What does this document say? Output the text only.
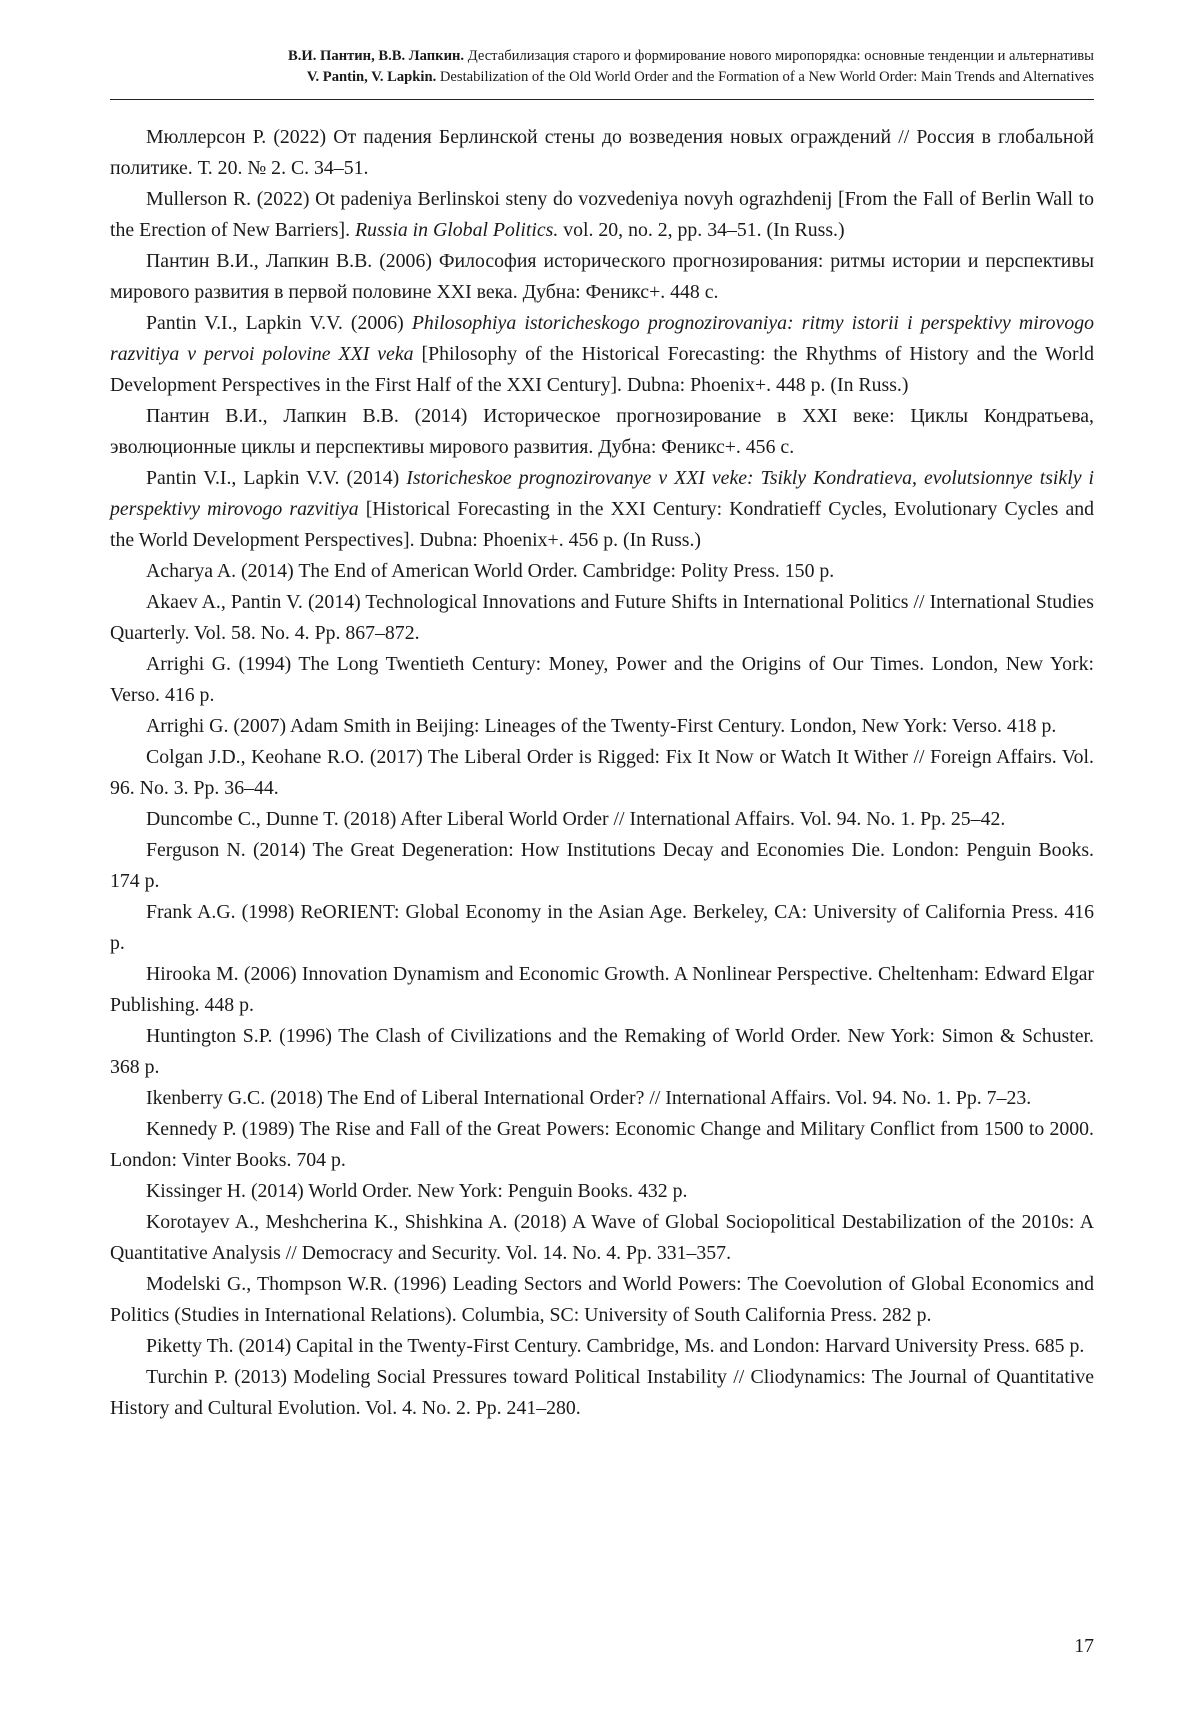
В.И. Пантин, В.В. Лапкин. Дестабилизация старого и формирование нового миропорядка: основные тенденции и альтернативы
V. Pantin, V. Lapkin. Destabilization of the Old World Order and the Formation of a New World Order: Main Trends and Alternatives

Мюллерсон Р. (2022) От падения Берлинской стены до возведения новых ограждений // Россия в глобальной политике. Т. 20. № 2. С. 34–51.

Mullerson R. (2022) Ot padeniya Berlinskoi steny do vozvedeniya novyh ograzhdenij [From the Fall of Berlin Wall to the Erection of New Barriers]. Russia in Global Politics. vol. 20, no. 2, pp. 34–51. (In Russ.)

Пантин В.И., Лапкин В.В. (2006) Философия исторического прогнозирования: ритмы истории и перспективы мирового развития в первой половине XXI века. Дубна: Феникс+. 448 с.

Pantin V.I., Lapkin V.V. (2006) Philosophiya istoricheskogo prognozirovaniya: ritmy istorii i perspektivy mirovogo razvitiya v pervoi polovine XXI veka [Philosophy of the Historical Forecasting: the Rhythms of History and the World Development Perspectives in the First Half of the XXI Century]. Dubna: Phoenix+. 448 p. (In Russ.)

Пантин В.И., Лапкин В.В. (2014) Историческое прогнозирование в XXI веке: Циклы Кондратьева, эволюционные циклы и перспективы мирового развития. Дубна: Феникс+. 456 с.

Pantin V.I., Lapkin V.V. (2014) Istoricheskoe prognozirovanye v XXI veke: Tsikly Kondratieva, evolutsionnye tsikly i perspektivy mirovogo razvitiya [Historical Forecasting in the XXI Century: Kondratieff Cycles, Evolutionary Cycles and the World Development Perspectives]. Dubna: Phoenix+. 456 p. (In Russ.)

Acharya A. (2014) The End of American World Order. Cambridge: Polity Press. 150 p.

Akaev A., Pantin V. (2014) Technological Innovations and Future Shifts in International Politics // International Studies Quarterly. Vol. 58. No. 4. Pp. 867–872.

Arrighi G. (1994) The Long Twentieth Century: Money, Power and the Origins of Our Times. London, New York: Verso. 416 p.

Arrighi G. (2007) Adam Smith in Beijing: Lineages of the Twenty-First Century. London, New York: Verso. 418 p.

Colgan J.D., Keohane R.O. (2017) The Liberal Order is Rigged: Fix It Now or Watch It Wither // Foreign Affairs. Vol. 96. No. 3. Pp. 36–44.

Duncombe C., Dunne T. (2018) After Liberal World Order // International Affairs. Vol. 94. No. 1. Pp. 25–42.

Ferguson N. (2014) The Great Degeneration: How Institutions Decay and Economies Die. London: Penguin Books. 174 p.

Frank A.G. (1998) ReORIENT: Global Economy in the Asian Age. Berkeley, CA: University of California Press. 416 p.

Hirooka M. (2006) Innovation Dynamism and Economic Growth. A Nonlinear Perspective. Cheltenham: Edward Elgar Publishing. 448 p.

Huntington S.P. (1996) The Clash of Civilizations and the Remaking of World Order. New York: Simon & Schuster. 368 p.

Ikenberry G.C. (2018) The End of Liberal International Order? // International Affairs. Vol. 94. No. 1. Pp. 7–23.

Kennedy P. (1989) The Rise and Fall of the Great Powers: Economic Change and Military Conflict from 1500 to 2000. London: Vinter Books. 704 p.

Kissinger H. (2014) World Order. New York: Penguin Books. 432 p.

Korotayev A., Meshcherina K., Shishkina A. (2018) A Wave of Global Sociopolitical Destabilization of the 2010s: A Quantitative Analysis // Democracy and Security. Vol. 14. No. 4. Pp. 331–357.

Modelski G., Thompson W.R. (1996) Leading Sectors and World Powers: The Coevolution of Global Economics and Politics (Studies in International Relations). Columbia, SC: University of South California Press. 282 p.

Piketty Th. (2014) Capital in the Twenty-First Century. Cambridge, Ms. and London: Harvard University Press. 685 p.

Turchin P. (2013) Modeling Social Pressures toward Political Instability // Cliodynamics: The Journal of Quantitative History and Cultural Evolution. Vol. 4. No. 2. Pp. 241–280.

17
